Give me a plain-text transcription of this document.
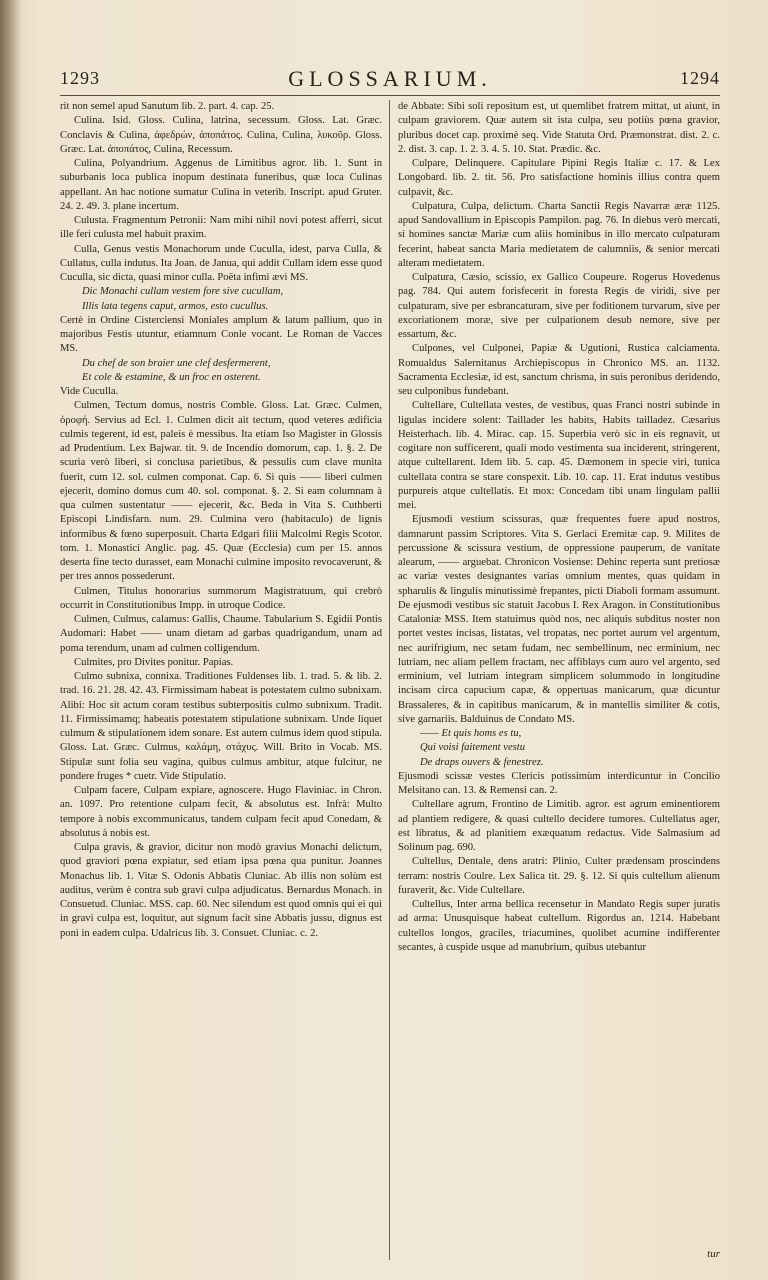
1293	GLOSSARIUM.	1294

rit non semel apud Sanutum lib. 2. part. 4. cap. 25.

Culina. Isid. Gloss. Culina, latrina, secessum. Gloss. Lat. Græc. Conclavis & Culina, ἀφεδρών, ἀποπάτος. Culina, Culina, λυκοῦρ. Gloss. Græc. Lat. ἀποπάτος, Culina, Recessum.

Culina, Polyandrium. Aggenus de Limitibus agror. lib. 1. Sunt in suburbanis loca publica inopum destinata funeribus, quæ loca Culinas appellant. An hac notione sumatur Culina in veterib. Inscript. apud Gruter. 24. 2. 49. 3. plane incertum.

Culusta. Fragmentum Petronii: Nam mihi nihil novi potest afferri, sicut ille feri culusta mel habuit praxim.

Culla, Genus vestis Monachorum unde Cuculla, idest, parva Culla, & Cullatus, culla indutus. Ita Joan. de Janua, qui addit Cullam idem esse quod Cucullа, sic dicta, quasi minor culla. Poëta infimi ævi MS.

Dic Monachi cullam vestem fore sive cucullam,

Illis lata tegens caput, armos, esto cucullus.

Certè in Ordine Cisterciensi Moniales amplum & latum pallium, quo in majoribus Festis utuntur, etiamnum Conle vocant. Le Roman de Vacces MS.

Du chef de son braier une clef desfermerent,

Et cole & estamine, & un froc en osterent.

Vide Cuculla.

Culmen, Tectum domus, nostris Comble. Gloss. Lat. Græc. Culmen, ὀροφή. Servius ad Ecl. 1. Culmen dicit ait tectum, quod veteres ædificia culmis tegerent, id est, paleis è messibus. Ita etiam Iso Magister in Glossis ad Prudentium. Lex Bajwar. tit. 9. de Incendio domorum, cap. 1. §. 2. De scuria verò liberi, si conclusa parietibus, & pessulis cum clave munita fuerit, cum 12. sol. culmen componat. Cap. 6. Si quis —— liberi culmen ejecerit, domino domus cum 40. sol. componat. §. 2. Si eam columnam à qua culmen sustentatur —— ejecerit, &c. Beda in Vita S. Cuthberti Episcopi Lindisfarn. num. 29. Culmina vero (habitaculo) de lignis informibus & fœno superposuit. Charta Edgari filii Malcolmi Regis Scotor. tom. 1. Monastici Anglic. pag. 45. Quæ (Ecclesia) cum per 15. annos deserta fine tecto durasset, eam Monachi culmine imposito revocaverunt, & per tres annos possederunt.

Culmen, Titulus honorarius summorum Magistratuum, qui crebrò occurrit in Constitutionibus Impp. in utroque Codice.

Culmen, Culmus, calamus: Gallis, Chaume. Tabularium S. Egidii Pontis Audomari: Habet —— unam dietam ad garbas quadrigandum, unam ad poma terendum, unam ad culmen colligendum.

Culmites, pro Divites ponitur. Papias.

Culmo subnixa, connixa. Traditiones Fuldenses lib. 1. trad. 5. & lib. 2. trad. 16. 21. 28. 42. 43. Firmissimam habeat is potestatem culmo subnixam. Alibi: Hoc sit actum coram testibus subterpositis culmo subnixum. Tradit. 11. Firmissimamq; habeatis potestatem stipulatione subnixam. Unde liquet culmum & stipulationem idem sonare. Est autem culmus idem quod stipula. Gloss. Lat. Græc. Culmus, καλάμη, στάχυς. Will. Brito in Vocab. MS. Stipulæ sunt folia seu vagina, quibus culmus ambitur, atque fulcitur, ne pondere fruges * cuetr. Vide Stipulatio.

Culpam facere, Culpam expiare, agnoscere. Hugo Flaviniac. in Chron. an. 1097. Pro retentione culpam fecit, & absolutus est. Infrà: Multo tempore à nobis excommunicatus, tandem culpam fecit apud Conedam, & absolutus à nobis est.

Culpa gravis, & gravior, dicitur non modò gravius Monachi delictum, quod graviori pœna expiatur, sed etiam ipsa pœna qua punitur. Joannes Monachus lib. 1. Vitæ S. Odonis Abbatis Cluniac. Ab illis non solùm est auditus, verùm è contra sub gravi culpa adjudicatus. Bernardus Monach. in Consuetud. Cluniac. MSS. cap. 60. Nec silendum est quod omnis qui ei qui in gravi culpa est, loquitur, aut signum facit sine Abbatis jussu, dignus est poni in eadem culpa. Udalricus lib. 3. Consuet. Cluniac. c. 2.

de Abbate: Sibi soli repositum est, ut quemlibet fratrem mittat, ut aiunt, in culpam graviorem. Quæ autem sit ista culpa, seu potiùs pœna gravior, pluribus docet cap. proximè seq. Vide Statuta Ord. Præmonstrat. dist. 2. c. 2. dist. 3. cap. 1. 2. 3. 4. 5. 10. Stat. Prædic. &c.

Culpare, Delinquere. Capitulare Pipini Regis Italiæ c. 17. & Lex Longobard. lib. 2. tit. 56. Pro satisfactione hominis illius contra quem culpavit, &c.

Culpatura, Culpa, delictum. Charta Sanctii Regis Navarræ æræ 1125. apud Sandovallium in Episcopis Pampilon. pag. 76. In diebus verò mercati, si homines sanctæ Mariæ cum aliis hominibus in illo mercato culpaturam fecerint, habeat sancta Maria medietatem de calumniis, & senior mercati alteram medietatem.

Culpatura, Cæsio, scissio, ex Gallico Coupeure. Rogerus Hovedenus pag. 784. Qui autem forisfecerit in foresta Regis de viridi, sive per culpaturam, sive per esbrancaturam, sive per foditionem turvarum, sive per excoriationem moræ, sive per culpationem desub nemore, sive per essartum, &c.

Culpones, vel Culponei, Papiæ & Ugutioni, Rustica calciamenta. Romualdus Salernitanus Archiepiscopus in Chronico MS. an. 1132. Sacramenta Ecclesiæ, id est, sanctum chrisma, in suis peronibus deridendo, seu culponibus fundebant.

Cultellare, Cultellata vestes, de vestibus, quas Franci nostri subinde in ligulas incidere solent: Taillader les habits, Habits tailladez. Cæsarius Heisterhach. lib. 4. Mirac. cap. 15. Superbia verò sic in eis regnavit, ut cogitare non sufficerent, quali modo vestimenta sua inciderent, stringerent, atque cultellarent. Idem lib. 5. cap. 45. Dæmonem in specie viri, tunica cultellata contra se stare conspexit. Lib. 10. cap. 11. Erat indutus vestibus purpureis atque cultellatis. Et mox: Concedam tibi unam lingulam pallii mei.

Ejusmodi vestium scissuras, quæ frequentes fuere apud nostros, damnarunt passim Scriptores. Vita S. Gerlaci Eremitæ cap. 9. Milites de percussione & scissura vestium, de oppressione pauperum, de vanitate alearum, —— arguebat. Chronicon Vosiense: Dehinc reperta sunt pretiosæ ac variæ vestes designantes varias omnium mentes, quas quidam in spharulis & lingulis minutissimè frepantes, picti Diaboli formam assumunt. De ejusmodi vestibus sic statuit Jacobus I. Rex Aragon. in Constitutionibus Cataloniæ MSS. Item statuimus quòd nos, nec aliquis subditus noster non portet vestes incisas, listatas, vel tropatas, nec portet aurum vel argentum, nec aurifrigium, nec setam fudam, nec sembellinum, nec erminium, nec lutriam, nec aliam pellem fractam, nec affiblays cum auro vel argento, sed erminium, vel lutriam integram simplicem solummodo in longitudine incisam circa capucium capæ, & oppertuas manicarum, quæ dicuntur Brassaleres, & in capitibus manicarum, & in mantellis similiter & cotis, sive garnariis. Balduinus de Condato MS.

—— Et quis homs es tu,

Qui voisi faitement vestu

De draps ouvers & fenestrez.

Ejusmodi scissæ vestes Clericis potissimùm interdicuntur in Concilio Melsitano can. 13. & Remensi can. 2.

Cultellare agrum, Frontino de Limitib. agror. est agrum eminentiorem ad plantiem redigere, & quasi cultello decidere tumores. Cultellatus ager, est libratus, & ad planitiem exæquatum redactus. Vide Salmasium ad Solinum pag. 690.

Cultellus, Dentale, dens aratri: Plinio, Culter prædensam proscindens terram: nostris Coulre. Lex Salica tit. 29. §. 12. Si quis cultellum alienum furaverit, &c. Vide Cultellare.

Cultellus, Inter arma bellica recensetur in Mandato Regis super juratis ad arma: Unusquisque habeat cultellum. Rigordus an. 1214. Habebant cultellos longos, graciles, triacumines, quolibet acumine indifferenter secantes, à cuspide usque ad manubrium, quibus utebantur

tur
